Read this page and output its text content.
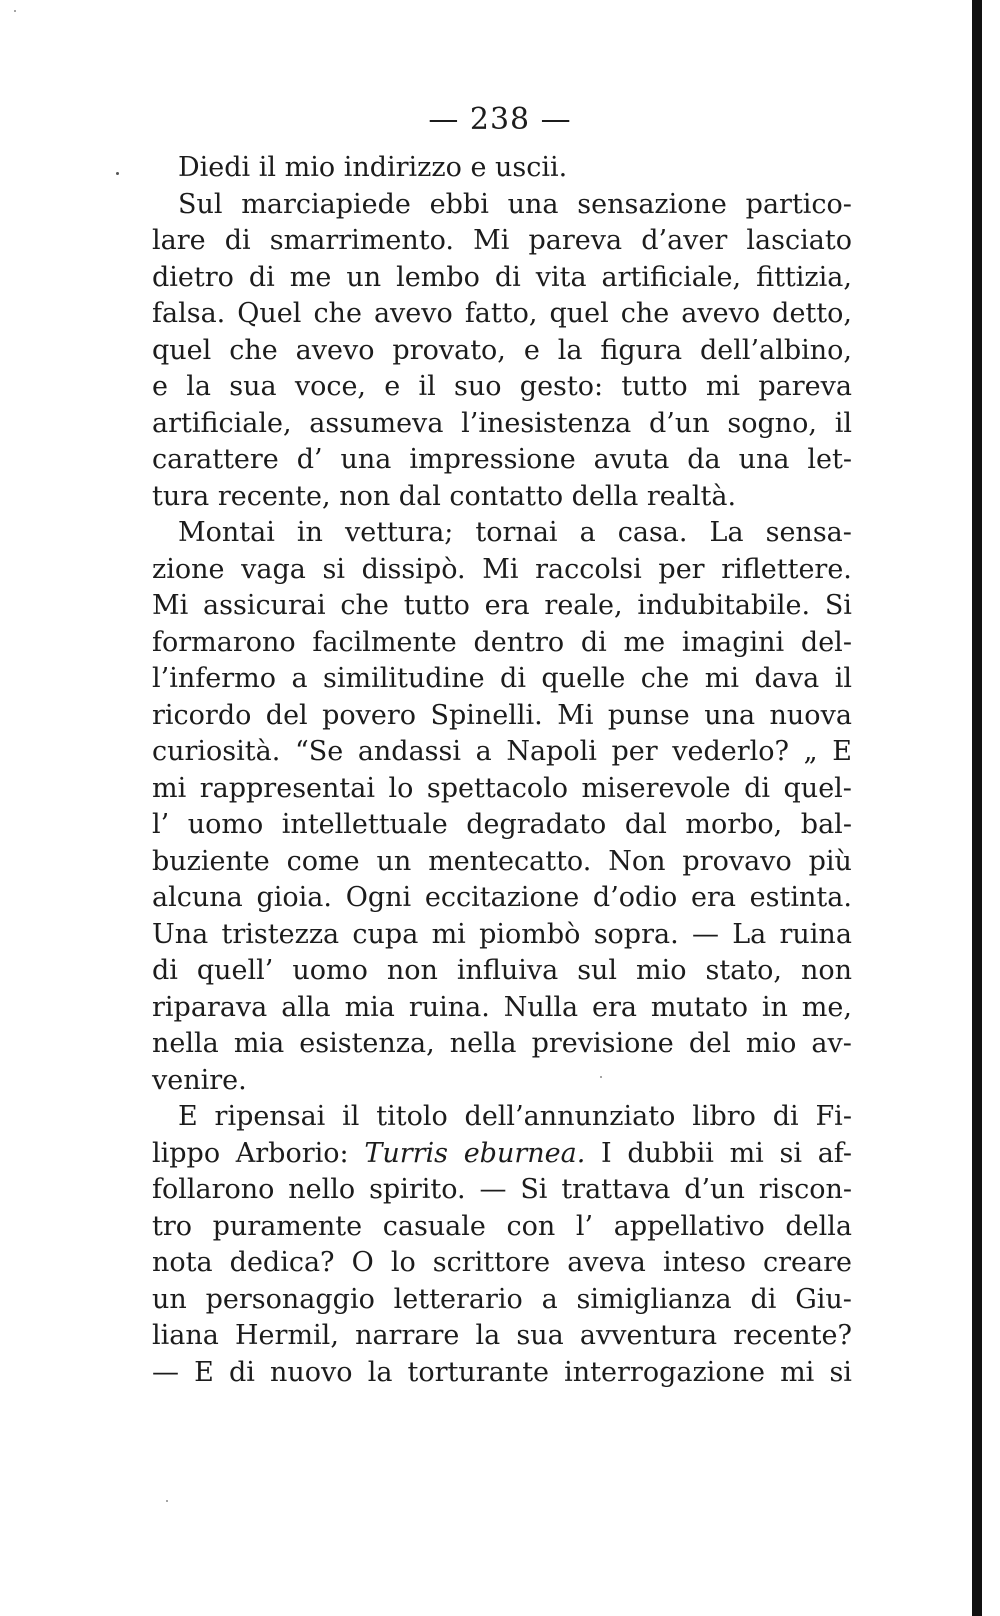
— 238 —
Diedi il mio indirizzo e uscii.
Sul marciapiede ebbi una sensazione partico-
lare di smarrimento. Mi pareva d’aver lasciato
dietro di me un lembo di vita artificiale, fittizia,
falsa. Quel che avevo fatto, quel che avevo detto,
quel che avevo provato, e la figura dell’albino,
e la sua voce, e il suo gesto: tutto mi pareva
artificiale, assumeva l’inesistenza d’un sogno, il
carattere d’ una impressione avuta da una let-
tura recente, non dal contatto della realtà.
Montai in vettura; tornai a casa. La sensa-
zione vaga si dissipò. Mi raccolsi per riflettere.
Mi assicurai che tutto era reale, indubitabile. Si
formarono facilmente dentro di me imagini del-
l’infermo a similitudine di quelle che mi dava il
ricordo del povero Spinelli. Mi punse una nuova
curiosità. “Se andassi a Napoli per vederlo? „ E
mi rappresentai lo spettacolo miserevole di quel-
l’ uomo intellettuale degradato dal morbo, bal-
buziente come un mentecatto. Non provavo più
alcuna gioia. Ogni eccitazione d’odio era estinta.
Una tristezza cupa mi piombò sopra. — La ruina
di quell’ uomo non influiva sul mio stato, non
riparava alla mia ruina. Nulla era mutato in me,
nella mia esistenza, nella previsione del mio av-
venire.
E ripensai il titolo dell’annunziato libro di Fi-
lippo Arborio: Turris eburnea. I dubbii mi si af-
follarono nello spirito. — Si trattava d’un riscon-
tro puramente casuale con l’ appellativo della
nota dedica? O lo scrittore aveva inteso creare
un personaggio letterario a simiglianza di Giu-
liana Hermil, narrare la sua avventura recente?
— E di nuovo la torturante interrogazione mi si
